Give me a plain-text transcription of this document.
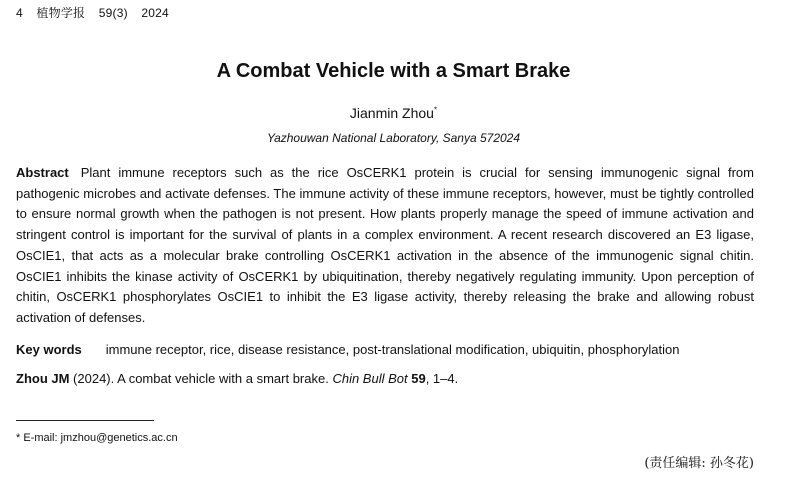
4 植物学报 59(3) 2024
A Combat Vehicle with a Smart Brake
Jianmin Zhou*
Yazhouwan National Laboratory, Sanya 572024

Abstract Plant immune receptors such as the rice OsCERK1 protein is crucial for sensing immunogenic signal from pathogenic microbes and activate defenses. The immune activity of these immune receptors, however, must be tightly controlled to ensure normal growth when the pathogen is not present. How plants properly manage the speed of immune activation and stringent control is important for the survival of plants in a complex environment. A recent research discovered an E3 ligase, OsCIE1, that acts as a molecular brake controlling OsCERK1 activation in the absence of the immunogenic signal chitin. OsCIE1 inhibits the kinase activity of OsCERK1 by ubiquitination, thereby negatively regulating immunity. Upon perception of chitin, OsCERK1 phosphorylates OsCIE1 to inhibit the E3 ligase activity, thereby releasing the brake and allowing robust activation of defenses.

Key words immune receptor, rice, disease resistance, post-translational modification, ubiquitin, phosphorylation
Zhou JM (2024). A combat vehicle with a smart brake. Chin Bull Bot 59, 1–4.
* E-mail: jmzhou@genetics.ac.cn
(责任编辑: 孙冬花)
